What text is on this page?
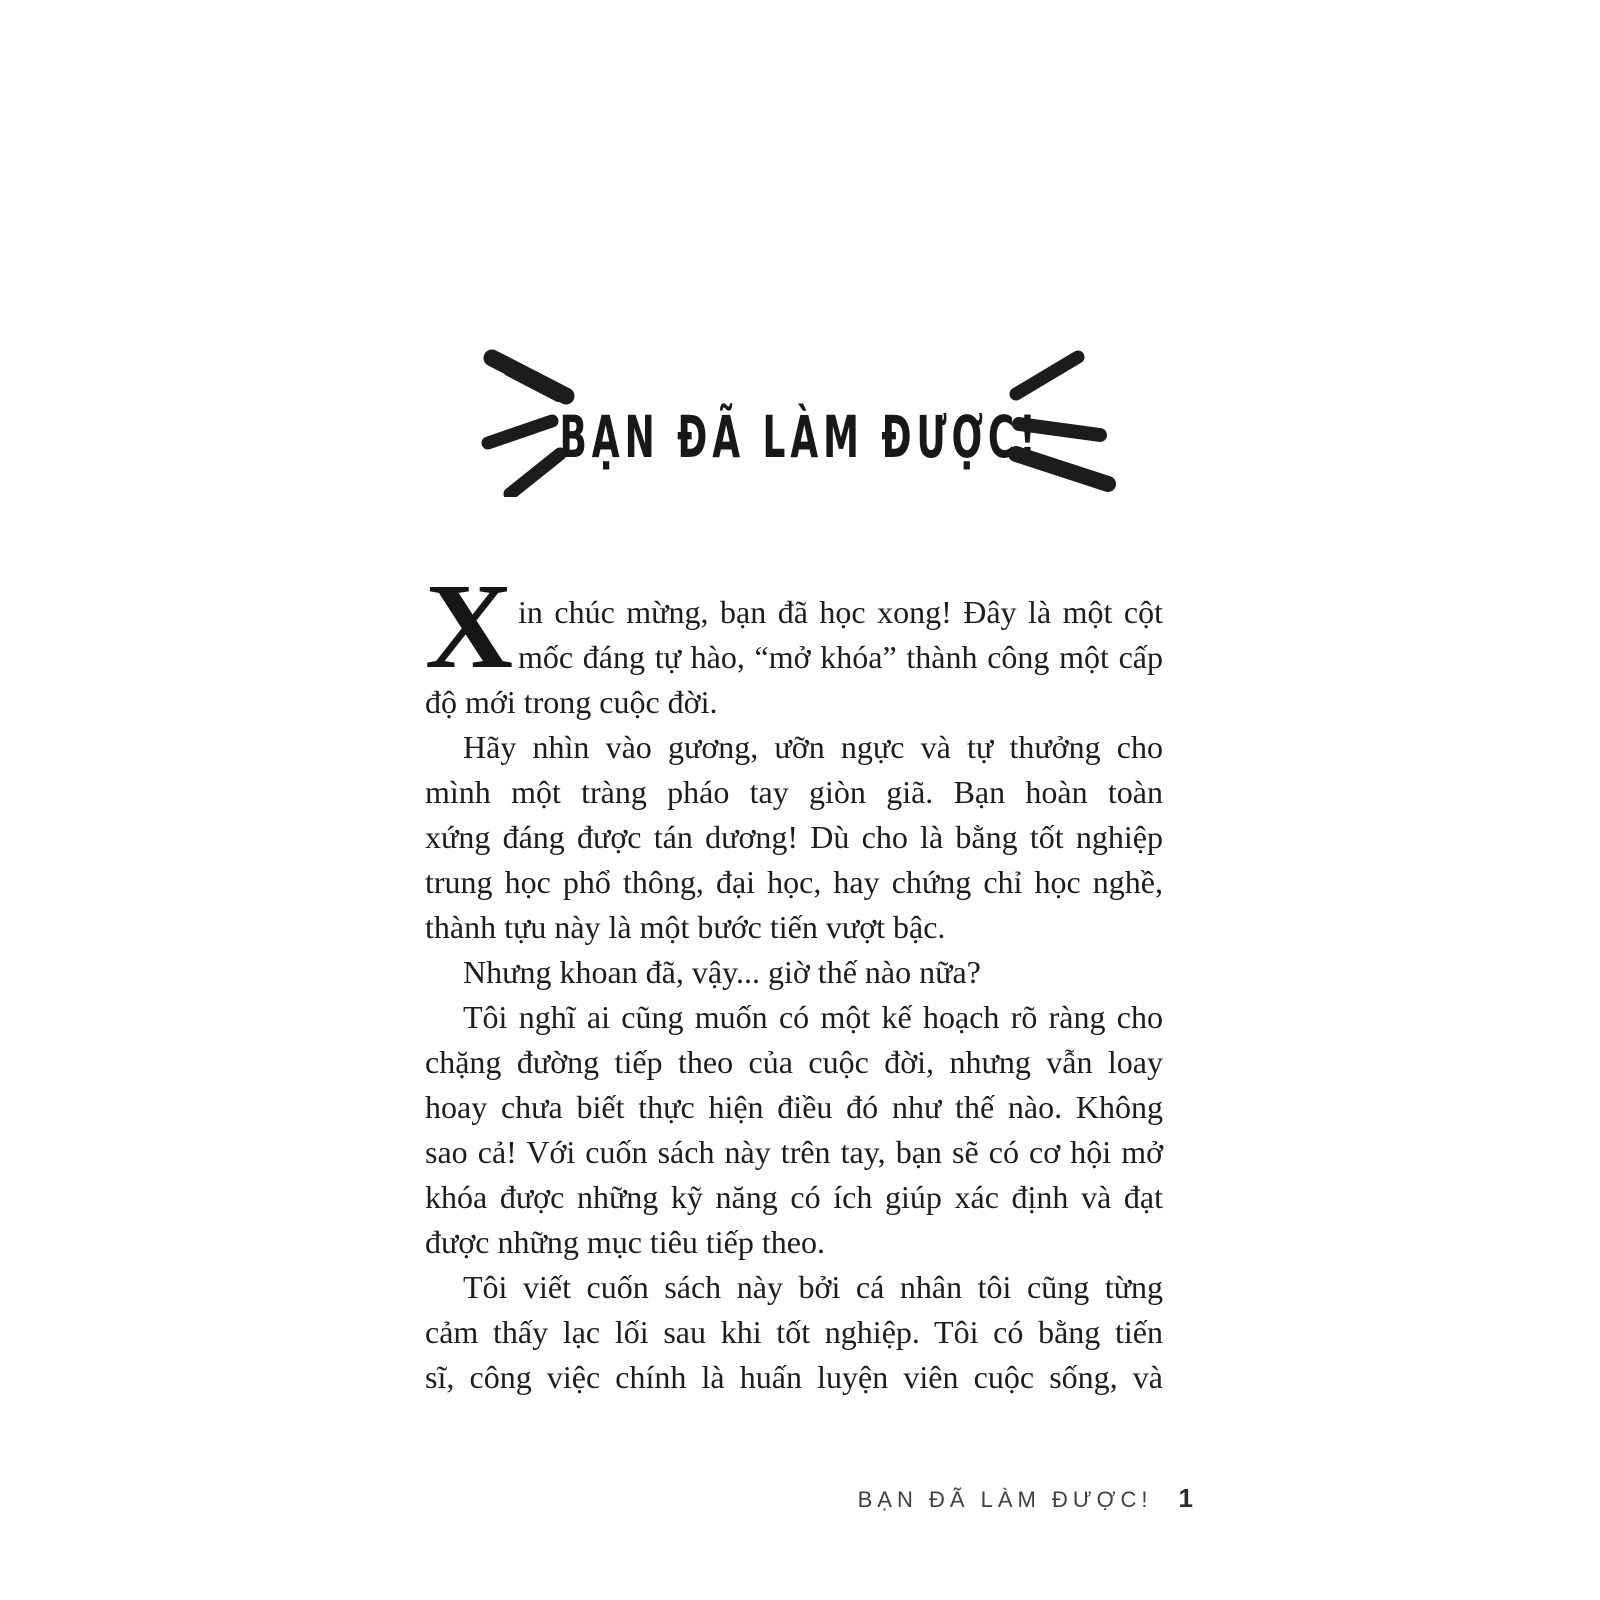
BẠN ĐÃ LÀM ĐƯỢC!
X in chúc mừng, bạn đã học xong! Đây là một cột
mốc đáng tự hào, “mở khóa” thành công một cấp
độ mới trong cuộc đời.
Hãy nhìn vào gương, ưỡn ngực và tự thưởng cho
mình một tràng pháo tay giòn giã. Bạn hoàn toàn
xứng đáng được tán dương! Dù cho là bằng tốt nghiệp
trung học phổ thông, đại học, hay chứng chỉ học nghề,
thành tựu này là một bước tiến vượt bậc.
Nhưng khoan đã, vậy... giờ thế nào nữa?
Tôi nghĩ ai cũng muốn có một kế hoạch rõ ràng cho
chặng đường tiếp theo của cuộc đời, nhưng vẫn loay
hoay chưa biết thực hiện điều đó như thế nào. Không
sao cả! Với cuốn sách này trên tay, bạn sẽ có cơ hội mở
khóa được những kỹ năng có ích giúp xác định và đạt
được những mục tiêu tiếp theo.
Tôi viết cuốn sách này bởi cá nhân tôi cũng từng
cảm thấy lạc lối sau khi tốt nghiệp. Tôi có bằng tiến
sĩ, công việc chính là huấn luyện viên cuộc sống, và
BẠN ĐÃ LÀM ĐƯỢC! 1
